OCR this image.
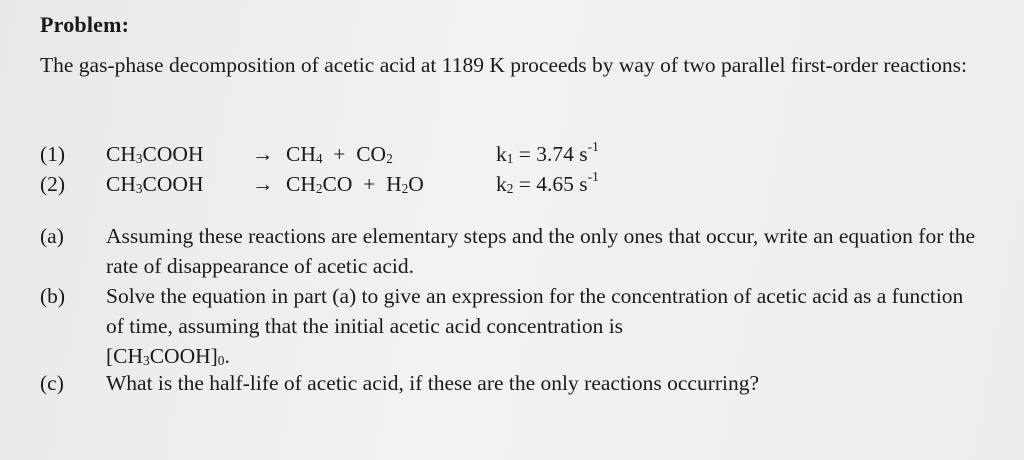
Problem:
The gas-phase decomposition of acetic acid at 1189 K proceeds by way of two parallel first-order reactions:
(1) $CH_3COOH \to CH_4 + CO_2$	$k_1 = 3.74$ $s^{-1}$
(2) $CH_3COOH \to CH_2CO + H_2O$	$k_2 = 4.65$ $s^{-1}$
(a) Assuming these reactions are elementary steps and the only ones that occur, write an equation for the rate of disappearance of acetic acid.
(b) Solve the equation in part (a) to give an expression for the concentration of acetic acid as a function of time, assuming that the initial acetic acid concentration is
$[CH_3COOH]_0$.
(c) What is the half-life of acetic acid, if these are the only reactions occurring?
